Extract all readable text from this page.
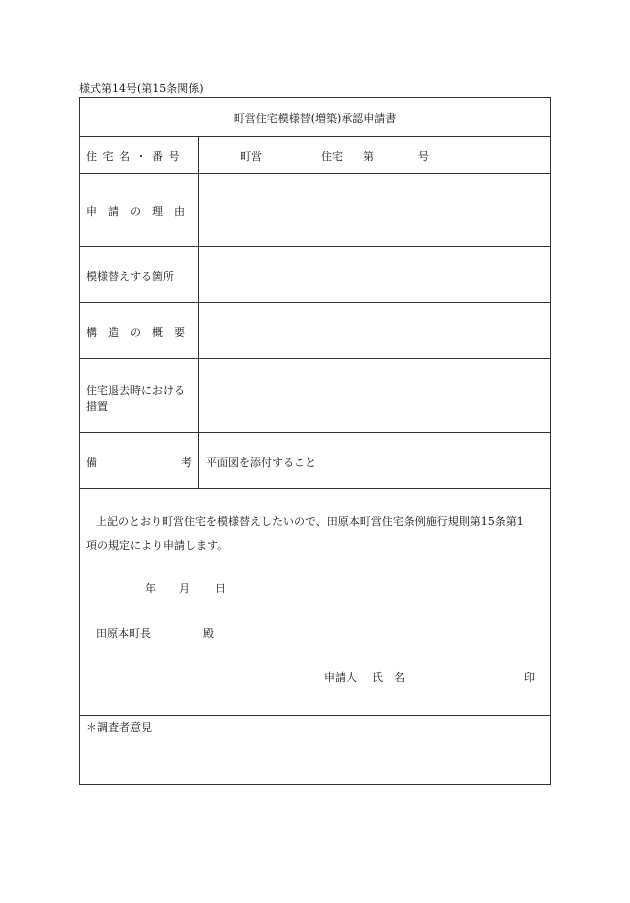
様式第14号(第15条関係)
町営住宅模様替(増築)承認申請書
住 宅 名 ・ 番 号	町営	住宅 第	号
申　請　の　理　由
模様替えする箇所
構　造　の　概　要
住宅退去時における
措置
備	考 平面図を添付すること
上記のとおり町営住宅を模様替えしたいので、田原本町営住宅条例施行規則第15条第1
項の規定により申請します。
年 月 日
田原本町長	殿
申請人 氏　名	印
＊調査者意見
